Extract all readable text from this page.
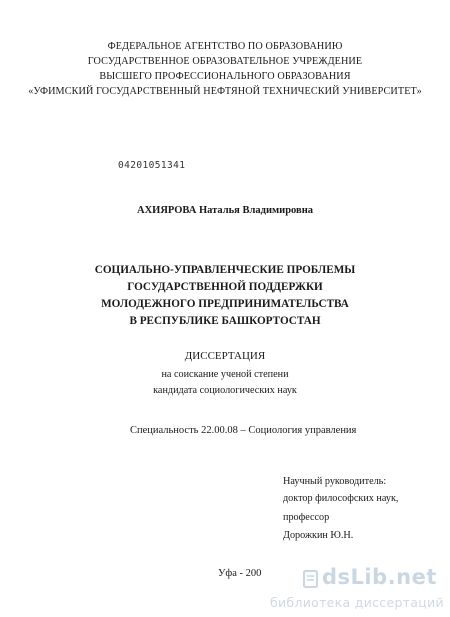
ФЕДЕРАЛЬНОЕ АГЕНТСТВО ПО ОБРАЗОВАНИЮ
ГОСУДАРСТВЕННОЕ ОБРАЗОВАТЕЛЬНОЕ УЧРЕЖДЕНИЕ
ВЫСШЕГО ПРОФЕССИОНАЛЬНОГО ОБРАЗОВАНИЯ
«УФИМСКИЙ ГОСУДАРСТВЕННЫЙ НЕФТЯНОЙ ТЕХНИЧЕСКИЙ УНИВЕРСИТЕТ»
04201051341
АХИЯРОВА Наталья Владимировна
СОЦИАЛЬНО-УПРАВЛЕНЧЕСКИЕ ПРОБЛЕМЫ
ГОСУДАРСТВЕННОЙ ПОДДЕРЖКИ
МОЛОДЕЖНОГО ПРЕДПРИНИМАТЕЛЬСТВА
В РЕСПУБЛИКЕ БАШКОРТОСТАН
ДИССЕРТАЦИЯ
на соискание ученой степени
кандидата социологических наук
Специальность 22.00.08 – Социология управления
Научный руководитель:
доктор философских наук,
профессор
Дорожкин Ю.Н.
Уфа - 200	dsLib.net
библиотека диссертаций
